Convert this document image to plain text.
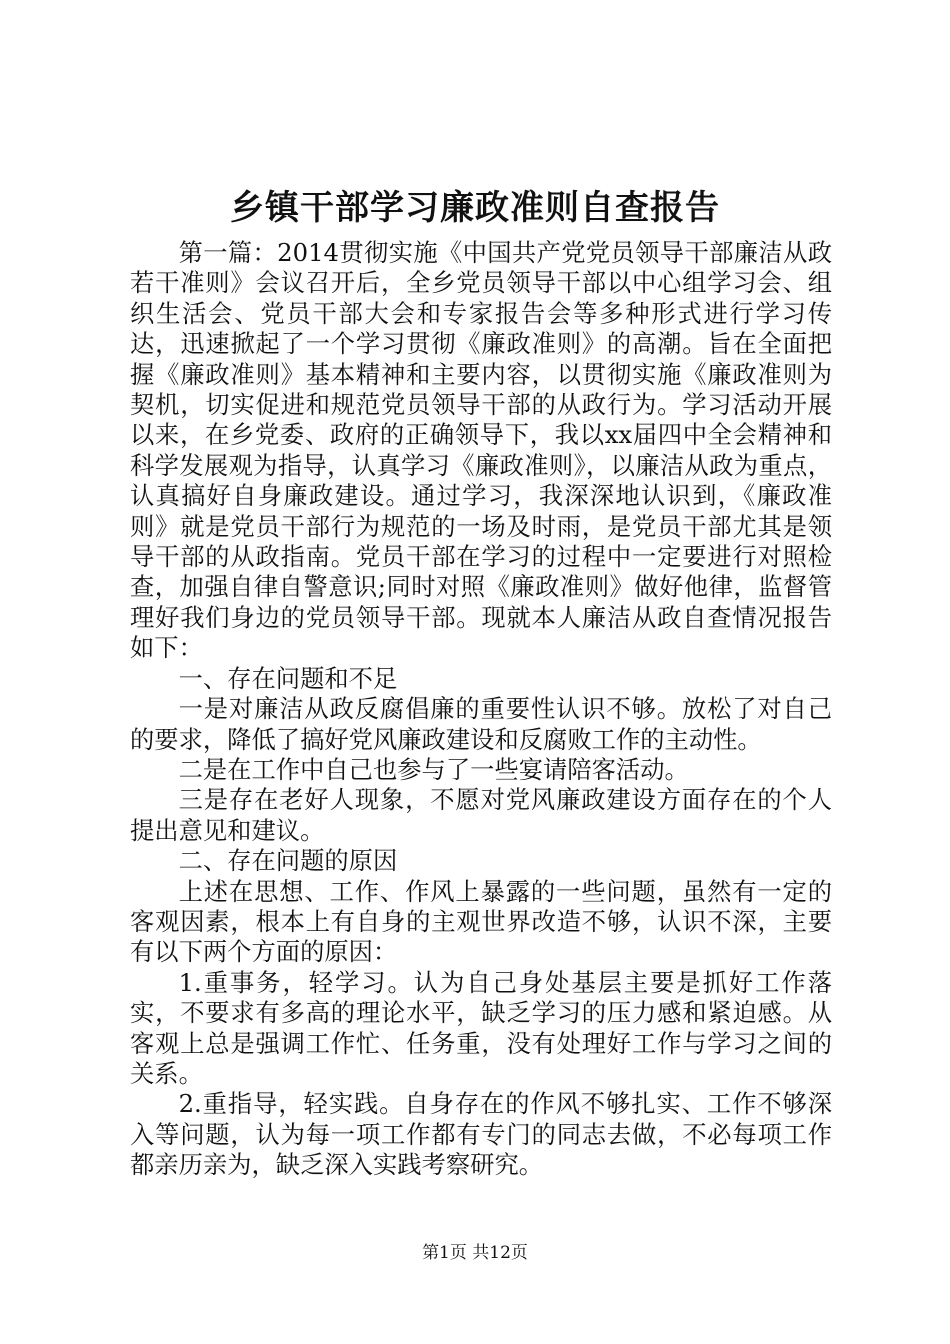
乡镇干部学习廉政准则自查报告

第一篇：2014贯彻实施《中国共产党党员领导干部廉洁从政若干准则》会议召开后，全乡党员领导干部以中心组学习会、组织生活会、党员干部大会和专家报告会等多种形式进行学习传达，迅速掀起了一个学习贯彻《廉政准则》的高潮。旨在全面把握《廉政准则》基本精神和主要内容，以贯彻实施《廉政准则为契机，切实促进和规范党员领导干部的从政行为。学习活动开展以来，在乡党委、政府的正确领导下，我以xx届四中全会精神和科学发展观为指导，认真学习《廉政准则》，以廉洁从政为重点，认真搞好自身廉政建设。通过学习，我深深地认识到，《廉政准则》就是党员干部行为规范的一场及时雨，是党员干部尤其是领导干部的从政指南。党员干部在学习的过程中一定要进行对照检查，加强自律自警意识;同时对照《廉政准则》做好他律，监督管理好我们身边的党员领导干部。现就本人廉洁从政自查情况报告如下：

一、存在问题和不足

一是对廉洁从政反腐倡廉的重要性认识不够。放松了对自己的要求，降低了搞好党风廉政建设和反腐败工作的主动性。

二是在工作中自己也参与了一些宴请陪客活动。

三是存在老好人现象，不愿对党风廉政建设方面存在的个人提出意见和建议。

二、存在问题的原因

上述在思想、工作、作风上暴露的一些问题，虽然有一定的客观因素，根本上有自身的主观世界改造不够，认识不深，主要有以下两个方面的原因：

1.重事务，轻学习。认为自己身处基层主要是抓好工作落实，不要求有多高的理论水平，缺乏学习的压力感和紧迫感。从客观上总是强调工作忙、任务重，没有处理好工作与学习之间的关系。

2.重指导，轻实践。自身存在的作风不够扎实、工作不够深入等问题，认为每一项工作都有专门的同志去做，不必每项工作都亲历亲为，缺乏深入实践考察研究。

第1页 共12页
